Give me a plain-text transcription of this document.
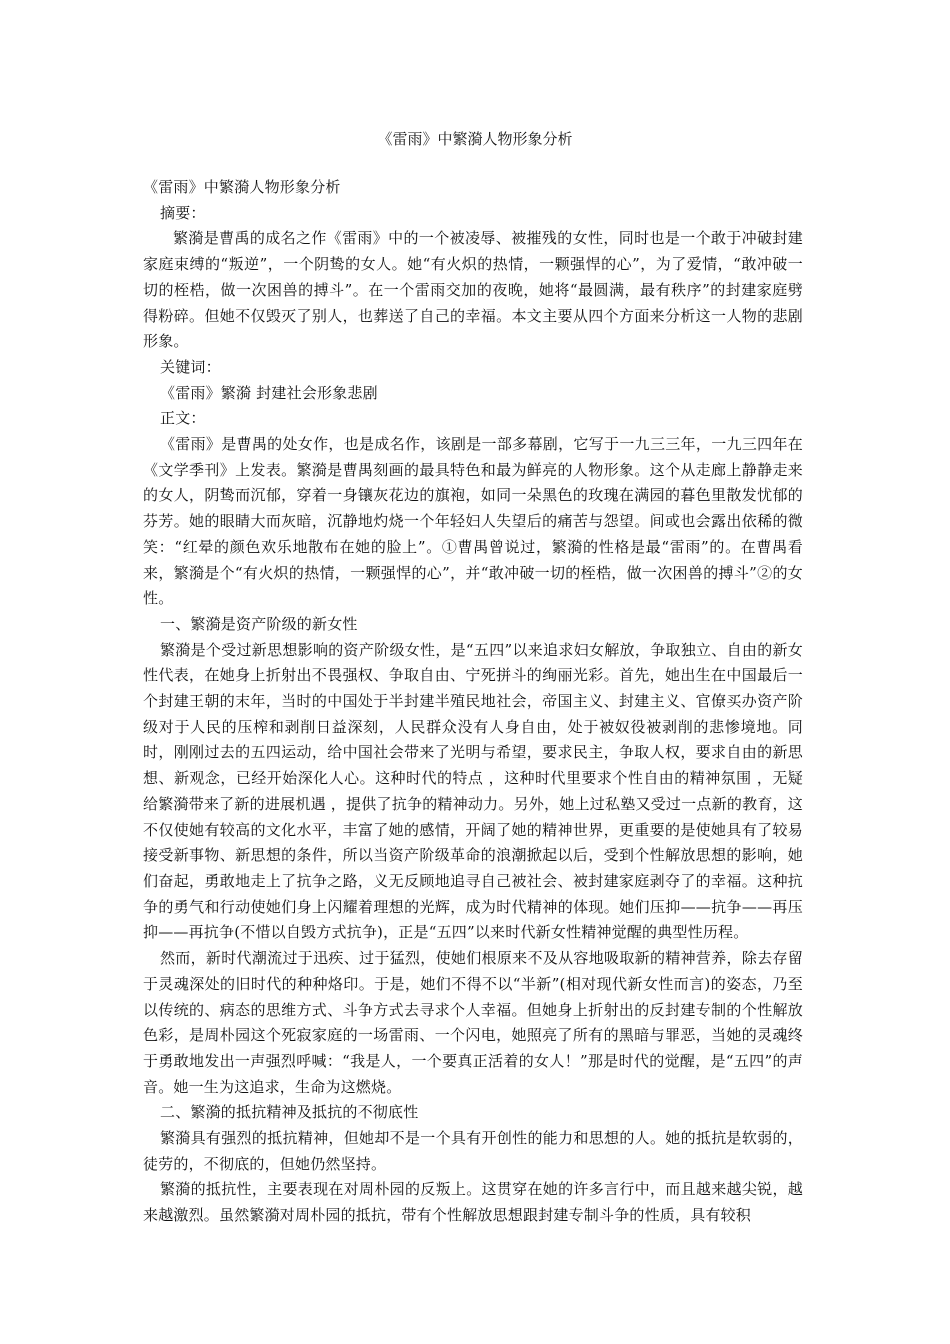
《雷雨》中繁漪人物形象分析

《雷雨》中繁漪人物形象分析

摘要：

繁漪是曹禹的成名之作《雷雨》中的一个被凌辱、被摧残的女性，同时也是一个敢于冲破封建家庭束缚的“叛逆”，一个阴鸷的女人。她“有火炽的热情，一颗强悍的心”，为了爱情，“敢冲破一切的桎梏，做一次困兽的搏斗”。在一个雷雨交加的夜晚，她将“最圆满，最有秩序”的封建家庭劈得粉碎。但她不仅毁灭了别人，也葬送了自己的幸福。本文主要从四个方面来分析这一人物的悲剧形象。

关键词：

《雷雨》繁漪 封建社会形象悲剧

正文：

《雷雨》是曹禺的处女作，也是成名作，该剧是一部多幕剧，它写于一九三三年，一九三四年在《文学季刊》上发表。繁漪是曹禺刻画的最具特色和最为鲜亮的人物形象。这个从走廊上静静走来的女人，阴鸷而沉郁，穿着一身镶灰花边的旗袍，如同一朵黑色的玫瑰在满园的暮色里散发忧郁的芬芳。她的眼睛大而灰暗，沉静地灼烧一个年轻妇人失望后的痛苦与怨望。间或也会露出依稀的微笑：“红晕的颜色欢乐地散布在她的脸上”。①曹禺曾说过，繁漪的性格是最“雷雨”的。在曹禺看来，繁漪是个“有火炽的热情，一颗强悍的心”，并“敢冲破一切的桎梏，做一次困兽的搏斗”②的女性。

一、繁漪是资产阶级的新女性

繁漪是个受过新思想影响的资产阶级女性，是“五四”以来追求妇女解放，争取独立、自由的新女性代表，在她身上折射出不畏强权、争取自由、宁死拼斗的绚丽光彩。首先，她出生在中国最后一个封建王朝的末年，当时的中国处于半封建半殖民地社会，帝国主义、封建主义、官僚买办资产阶级对于人民的压榨和剥削日益深刻，人民群众没有人身自由，处于被奴役被剥削的悲惨境地。同时，刚刚过去的五四运动，给中国社会带来了光明与希望，要求民主，争取人权，要求自由的新思想、新观念，已经开始深化人心。这种时代的特点 ，这种时代里要求个性自由的精神氛围 ，无疑给繁漪带来了新的进展机遇 ，提供了抗争的精神动力。另外，她上过私塾又受过一点新的教育，这不仅使她有较高的文化水平，丰富了她的感情，开阔了她的精神世界，更重要的是使她具有了较易接受新事物、新思想的条件，所以当资产阶级革命的浪潮掀起以后，受到个性解放思想的影响，她们奋起，勇敢地走上了抗争之路，义无反顾地追寻自己被社会、被封建家庭剥夺了的幸福。这种抗争的勇气和行动使她们身上闪耀着理想的光辉，成为时代精神的体现。她们压抑——抗争——再压抑——再抗争(不惜以自毁方式抗争)，正是“五四”以来时代新女性精神觉醒的典型性历程。

然而，新时代潮流过于迅疾、过于猛烈，使她们根原来不及从容地吸取新的精神营养，除去存留于灵魂深处的旧时代的种种烙印。于是，她们不得不以“半新”(相对现代新女性而言)的姿态，乃至以传统的、病态的思维方式、斗争方式去寻求个人幸福。但她身上折射出的反封建专制的个性解放色彩，是周朴园这个死寂家庭的一场雷雨、一个闪电，她照亮了所有的黑暗与罪恶，当她的灵魂终于勇敢地发出一声强烈呼喊：“我是人，一个要真正活着的女人！”那是时代的觉醒，是“五四”的声音。她一生为这追求，生命为这燃烧。

二、繁漪的抵抗精神及抵抗的不彻底性

繁漪具有强烈的抵抗精神，但她却不是一个具有开创性的能力和思想的人。她的抵抗是软弱的，徒劳的，不彻底的，但她仍然坚持。

繁漪的抵抗性，主要表现在对周朴园的反叛上。这贯穿在她的许多言行中，而且越来越尖锐，越来越激烈。虽然繁漪对周朴园的抵抗，带有个性解放思想跟封建专制斗争的性质，具有较积
